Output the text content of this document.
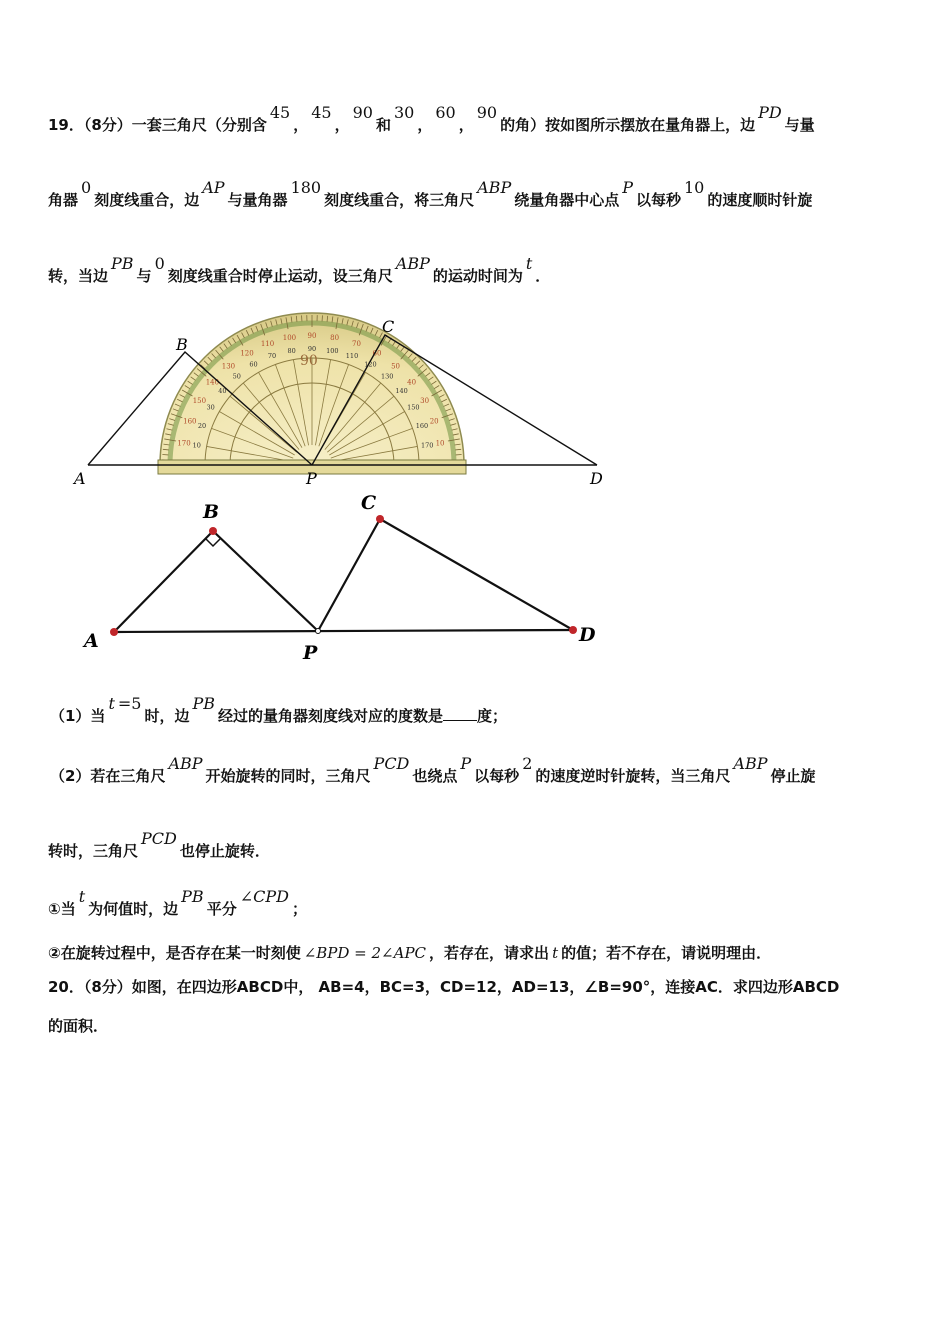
19．（8分）一套三角尺（分别含45，45，90和30，60，90的角）按如图所示摆放在量角器上，边PD与量
角器0刻度线重合，边AP与量角器180刻度线重合，将三角尺ABP绕量角器中心点P以每秒10的速度顺时针旋
转，当边PB与0刻度线重合时停止运动，设三角尺ABP的运动时间为t．
10
20
30
40
50
60
70
80
90
100
110
120
130
140
150
160
170	170
160
150
140
130
120
110
100
90
80
70
60
50
40
30
20
10
90
A
B
C
D
P
A
B	C
D
P
（1）当t =5时，边PB经过的量角器刻度线对应的度数是 度；
（2）若在三角尺ABP开始旋转的同时，三角尺PCD也绕点P以每秒2的速度逆时针旋转，当三角尺ABP停止旋
转时，三角尺PCD也停止旋转．
①当t为何值时，边PB平分∠CPD；
②在旋转过程中，是否存在某一时刻使 ∠BPD = 2∠APC ，若存在，请求出 t 的值；若不存在，请说明理由．
20．（8分）如图，在四边形ABCD中， AB=4，BC=3，CD=12，AD=13，∠B=90°，连接AC．求四边形ABCD
的面积．
